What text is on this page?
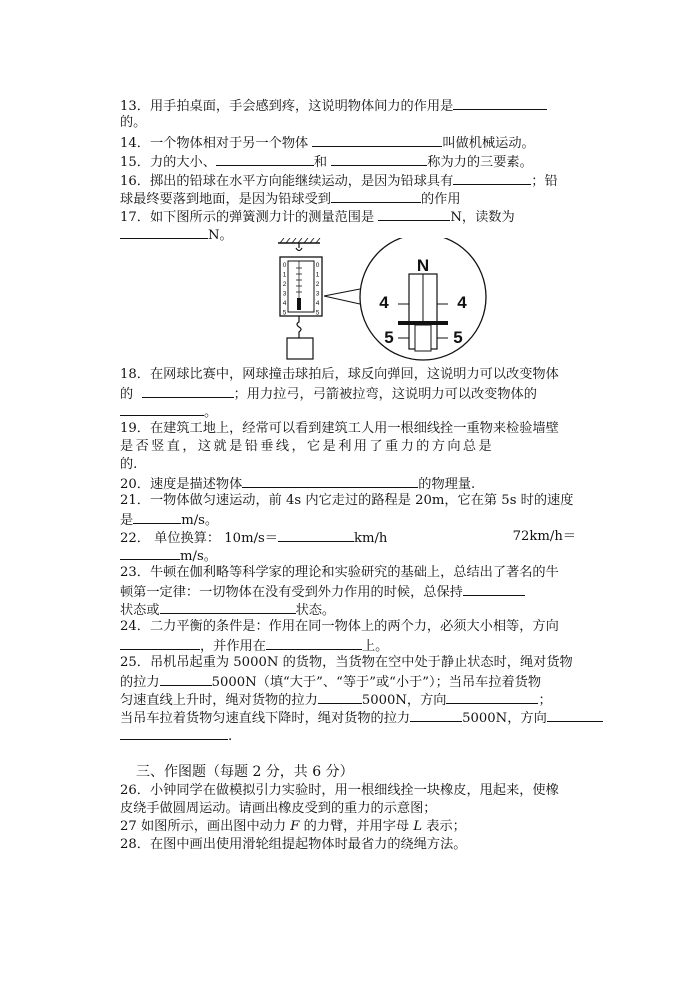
13．用手拍桌面，手会感到疼，这说明物体间力的作用是
的。
14．一个物体相对于另一个物体	叫做机械运动。
15．力的大小、	和	称为力的三要素。
16．掷出的铅球在水平方向能继续运动，是因为铅球具有	；铅
球最终要落到地面，是因为铅球受到	的作用
17．如下图所示的弹簧测力计的测量范围是	N，读数为
N。
0
1
2
3
4
5
0
1
2
3
4
5
N
4	4
5	5
18．在网球比赛中，网球撞击球拍后，球反向弹回，这说明力可以改变物体
的	；用力拉弓，弓箭被拉弯，这说明力可以改变物体的
。
19．在建筑工地上，经常可以看到建筑工人用一根细线拴一重物来检验墙壁
是否竖直，这就是铅垂线，它是利用了重力的方向总是
的.
20．速度是描述物体	的物理量.
21．一物体做匀速运动，前 4s 内它走过的路程是 20m，它在第 5s 时的速度
是	m/s。
22． 单位换算： 10m/s＝	km/h	72km/h＝
m/s。
23．牛顿在伽利略等科学家的理论和实验研究的基础上，总结出了著名的牛
顿第一定律：一切物体在没有受到外力作用的时候，总保持
状态或	状态。
24．二力平衡的条件是：作用在同一物体上的两个力，必须大小相等，方向
，并作用在	上。
25．吊机吊起重为 5000N 的货物，当货物在空中处于静止状态时，绳对货物
的拉力	5000N（填“大于”、“等于”或“小于”）；当吊车拉着货物
匀速直线上升时，绳对货物的拉力	5000N，方向	；
当吊车拉着货物匀速直线下降时，绳对货物的拉力	5000N，方向
.
三、作图题（每题 2 分，共 6 分）
26．小钟同学在做模拟引力实验时，用一根细线拴一块橡皮，甩起来，使橡
皮绕手做圆周运动。请画出橡皮受到的重力的示意图；
27 如图所示，画出图中动力 F 的力臂，并用字母 L 表示；
28．在图中画出使用滑轮组提起物体时最省力的绕绳方法。
